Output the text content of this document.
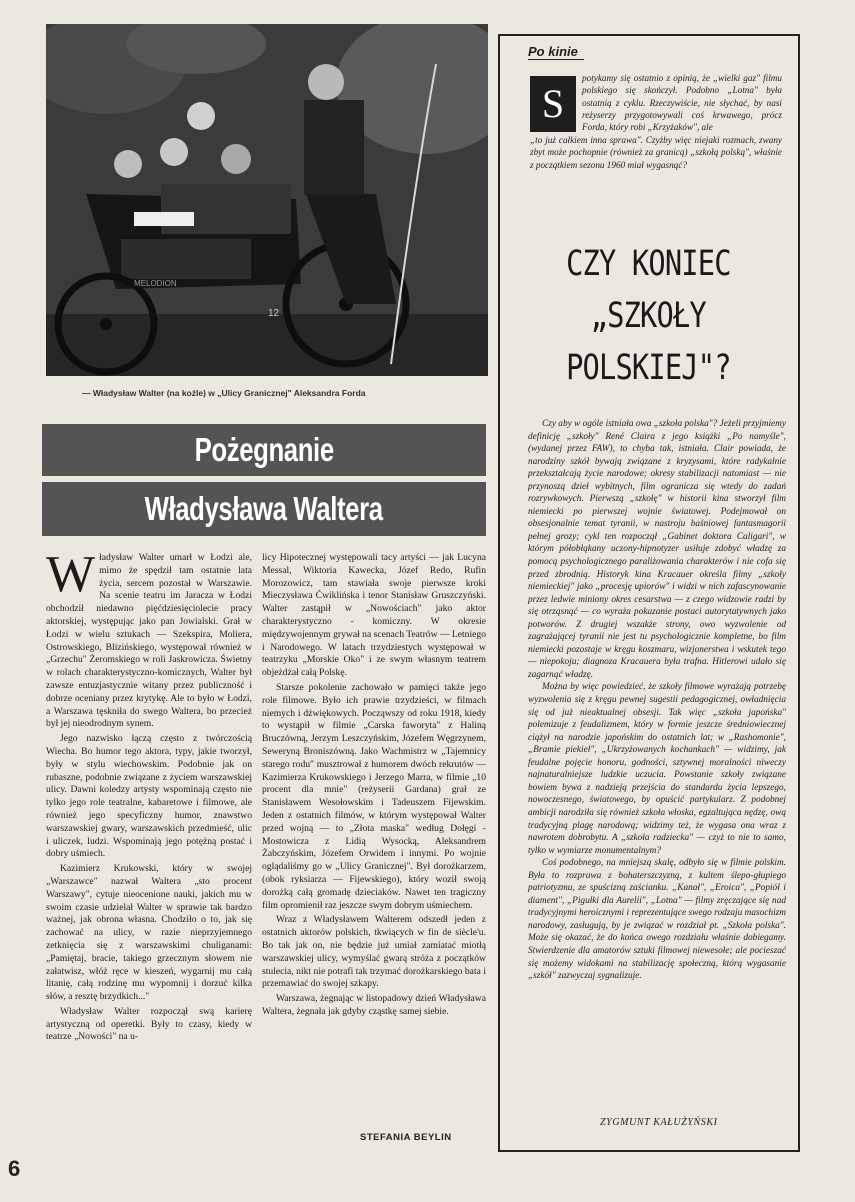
MELODION
12
— Władysław Walter (na koźle) w „Ulicy Granicznej" Aleksandra Forda
Pożegnanie
Władysława Waltera

Władysław Walter umarł w Łodzi ale, mimo że spędził tam ostatnie lata życia, sercem pozostał w Warszawie. Na scenie teatru im Jaracza w Łodzi obchodził niedawno pięćdziesięciolecie pracy aktorskiej, występując jako pan Jowialski. Grał w Łodzi w wielu sztukach — Szekspira, Moliera, Ostrowskiego, Blizińskiego, występował również w „Grzechu" Żeromskiego w roli Jaskrowicza. Świetny w rolach charakterystyczno-komicznych, Walter był zawsze entuzjastycznie witany przez publiczność i dobrze oceniany przez krytykę. Ale to było w Łodzi, a Warszawa tęskniła do swego Waltera, bo przecież był jej nieodrodnym synem.

Jego nazwisko łączą często z twórczością Wiecha. Bo humor tego aktora, typy, jakie tworzył, były w stylu wiechowskim. Podobnie jak on rubaszne, podobnie związane z życiem warszawskiej ulicy. Dawni koledzy artysty wspominają często nie tylko jego role teatralne, kabaretowe i filmowe, ale również jego specyficzny humor, znawstwo warszawskiej gwary, warszawskich przedmieść, ulic i uliczek, ludzi. Wspominają jego potężną postać i dobry uśmiech.

Kazimierz Krukowski, który w swojej „Warszawce" nazwał Waltera „sto procent Warszawy", cytuje nieocenione nauki, jakich mu w swoim czasie udzielał Walter w sprawie tak bardzo ważnej, jak obrona własna. Chodziło o to, jak się zachować na ulicy, w razie nieprzyjemnego zetknięcia się z warszawskimi chuliganami: „Pamiętaj, bracie, takiego grzecznym słowem nie załatwisz, włóż ręce w kieszeń, wygarnij mu całą litanię, całą rodzinę mu wypomnij i dorzuć kilka słów, a resztę brzydkich..."

Władysław Walter rozpoczął swą karierę artystyczną od operetki. Były to czasy, kiedy w teatrze „Nowości" na u-

licy Hipotecznej występowali tacy artyści — jak Lucyna Messal, Wiktoria Kawecka, Józef Redo, Rufin Morozowicz, tam stawiała swoje pierwsze kroki Mieczysława Ćwiklińska i tenor Stanisław Gruszczyński. Walter zastąpił w „Nowościach" jako aktor charakterystyczno - komiczny. W okresie międzywojennym grywał na scenach Teatrów — Letniego i Narodowego. W latach trzydziestych występował w teatrzyku „Morskie Oko" i ze swym własnym teatrem objeżdżał całą Polskę.

Starsze pokolenie zachowało w pamięci także jego role filmowe. Było ich prawie trzydzieści, w filmach niemych i dźwiękowych. Począwszy od roku 1918, kiedy to wystąpił w filmie „Carska faworyta" z Haliną Bruczówną, Jerzym Leszczyńskim, Józefem Węgrzynem, Seweryną Broniszówną. Jako Wachmistrz w „Tajemnicy starego rodu" musztrował z humorem dwóch rekrutów — Kazimierza Krukowskiego i Jerzego Marra, w filmie „10 procent dla mnie" (reżyserii Gardana) grał ze Stanisławem Wesołowskim i Tadeuszem Fijewskim. Jeden z ostatnich filmów, w którym występował Walter przed wojną — to „Złota maska" według Dołęgi - Mostowicza z Lidią Wysocką, Aleksandrem Żabczyńskim, Józefem Orwidem i innymi. Po wojnie oglądaliśmy go w „Ulicy Granicznej". Był dorożkarzem, (obok ryksiarza — Fijewskiego), który woził swoją dorożką całą gromadę dzieciaków. Nawet ten tragiczny film opromienił raz jeszcze swym dobrym uśmiechem.

Wraz z Władysławem Walterem odszedł jeden z ostatnich aktorów polskich, tkwiących w fin de siècle'u. Bo tak jak on, nie będzie już umiał zamiatać miotłą warszawskiej ulicy, wymyślać gwarą stróża z początków stulecia, nikt nie potrafi tak trzymać dorożkarskiego bata i przemawiać do swojej szkapy.

Warszawa, żegnając w listopadowy dzień Władysława Waltera, żegnała jak gdyby cząstkę samej siebie.

STEFANIA BEYLIN
Po kinie
S
potykamy się ostatnio z opinią, że „wielki gaz" filmu polskiego się skończył. Podobno „Lotna" była ostatnią z cyklu. Rzeczywiście, nie słychać, by nasi reżyserzy przygotowywali coś krwawego, prócz Forda, który robi „Krzyżaków", ale
„to już całkiem inna sprawa". Czyżby więc niejaki rozmach, zwany zbyt może pochopnie (również za granicą) „szkołą polską", właśnie z początkiem sezonu 1960 miał wygasnąć?
CZY KONIEC
„SZKOŁY
POLSKIEJ"?

Czy aby w ogóle istniała owa „szkoła polska"? Jeżeli przyjmiemy definicję „szkoły" René Claira z jego książki „Po namyśle", (wydanej przez FAW), to chyba tak, istniała. Clair powiada, że narodziny szkół bywają związane z kryzysami, które radykalnie przekształcają życie narodowe; okresy stabilizacji natomiast — nie przynoszą dzieł wybitnych, film ogranicza się wtedy do zadań rozrywkowych. Pierwszą „szkołę" w historii kina stworzył film niemiecki po pierwszej wojnie światowej. Podejmował on obsesjonalnie temat tyranii, w nastroju baśniowej fantasmagorii pełnej grozy; cykl ten rozpoczął „Gabinet doktora Caligari", w którym półobłąkany uczony-hipnotyzer usiłuje zdobyć władzę za pomocą psychologicznego paraliżowania charakterów i nie cofa się przed zbrodnią. Historyk kina Kracauer określa filmy „szkoły niemieckiej" jako „procesję upiorów" i widzi w nich zafascynowanie przez ledwie miniony okres cesarstwa — z czego widzowie radzi by się otrząsnąć — co wyraża pokazanie postaci autorytatywnych jako potworów. Z drugiej wszakże strony, owo wyzwolenie od zagrażającej tyranii nie jest tu psychologicznie kompletne, bo film niemiecki pozostaje w kręgu koszmaru, wizjonerstwa i wskutek tego — niepokoju; diagnoza Kracauera była trafna. Hitlerowi udało się zagarnąć władzę.

Można by więc powiedzieć, że szkoły filmowe wyrażają potrzebę wyzwolenia się z kręgu pewnej sugestii pedagogicznej, owładnięcia się od już nieaktualnej obsesji. Tak więc „szkoła japońska" polemizuje z feudalizmem, który w formie jeszcze średniowiecznej ciążył na narodzie japońskim do ostatnich lat; w „Rashomonie", „Bramie piekieł", „Ukrzyżowanych kochankach" — widzimy, jak feudalne pojęcie honoru, godności, sztywnej moralności niweczy najnaturalniejsze ludzkie uczucia. Powstanie szkoły związane bowiem bywa z nadzieją przejścia do standardu życia lepszego, nowoczesnego, światowego, by opuścić partykularz. Z podobnej ambicji narodziła się również szkoła włoska, egzaltująca nędzę, ową tradycyjną plagę narodową; widzimy też, że wygasa ona wraz z nawrotem dobrobytu. A „szkoła radziecka" — czyż to nie to samo, tylko w wymiarze monumentalnym?

Coś podobnego, na mniejszą skalę, odbyło się w filmie polskim. Była to rozprawa z bohaterszczyzną, z kultem ślepo-głupiego patriotyzmu, ze spuścizną zaścianku. „Kanał", „Eroica", „Popiół i diament", „Pigułki dla Aurelii", „Lotna" — filmy zręczające się nad tradycyjnymi heroicznymi i reprezentujące swego rodzaju masochizm narodowy, zasługują, by je związać w rozdział pt. „Szkoła polska". Może się okazać, że do końca owego rozdziału właśnie dobiegamy. Stwierdzenie dla amatorów sztuki filmowej niewesołe; ale pocieszać się możemy widokami na stabilizację społeczną, którą wygasanie „szkół" zazwyczaj sygnalizuje.

ZYGMUNT KAŁUŻYŃSKI
6
